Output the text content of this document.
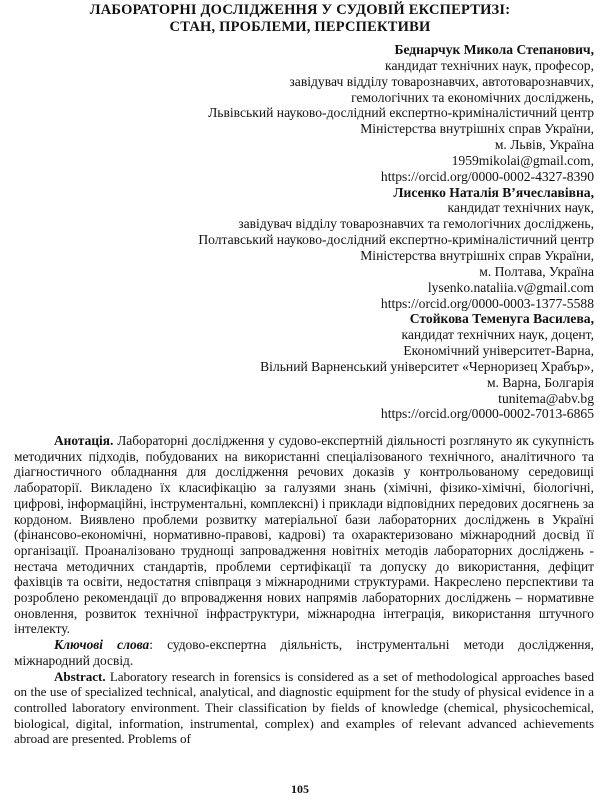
ЛАБОРАТОРНІ ДОСЛІДЖЕННЯ У СУДОВІЙ ЕКСПЕРТИЗІ:
СТАН, ПРОБЛЕМИ, ПЕРСПЕКТИВИ
Беднарчук Микола Степанович,
кандидат технічних наук, професор,
завідувач відділу товарознавчих, автотоварознавчих,
гемологічних та економічних досліджень,
Львівський науково-дослідний експертно-криміналістичний центр
Міністерства внутрішніх справ України,
м. Львів, Україна
1959mikolai@gmail.com,
https://orcid.org/0000-0002-4327-8390
Лисенко Наталія В’ячеславівна,
кандидат технічних наук,
завідувач відділу товарознавчих та гемологічних досліджень,
Полтавський науково-дослідний експертно-криміналістичний центр
Міністерства внутрішніх справ України,
м. Полтава, Україна
lysenko.nataliia.v@gmail.com
https://orcid.org/0000-0003-1377-5588
Стойкова Теменуга Василева,
кандидат технічних наук, доцент,
Економічний університет-Варна,
Вільний Варненський університет «Черноризец Храбър»,
м. Варна, Болгарія
tunitema@abv.bg
https://orcid.org/0000-0002-7013-6865

Анотація. Лабораторні дослідження у судово-експертній діяльності розглянуто як сукупність методичних підходів, побудованих на використанні спеціалізованого технічного, аналітичного та діагностичного обладнання для дослідження речових доказів у контрольованому середовищі лабораторії. Викладено їх класифікацію за галузями знань (хімічні, фізико-хімічні, біологічні, цифрові, інформаційні, інструментальні, комплексні) і приклади відповідних передових досягнень за кордоном. Виявлено проблеми розвитку матеріальної бази лабораторних досліджень в Україні (фінансово-економічні, нормативно-правові, кадрові) та охарактеризовано міжнародний досвід її організації. Проаналізовано труднощі запровадження новітніх методів лабораторних досліджень - нестача методичних стандартів, проблеми сертифікації та допуску до використання, дефіцит фахівців та освіти, недостатня співпраця з міжнародними структурами. Накреслено перспективи та розроблено рекомендації до впровадження нових напрямів лабораторних досліджень – нормативне оновлення, розвиток технічної інфраструктури, міжнародна інтеграція, використання штучного інтелекту.

Ключові слова: судово-експертна діяльність, інструментальні методи дослідження, міжнародний досвід.

Abstract. Laboratory research in forensics is considered as a set of methodological approaches based on the use of specialized technical, analytical, and diagnostic equipment for the study of physical evidence in a controlled laboratory environment. Their classification by fields of knowledge (chemical, physicochemical, biological, digital, information, instrumental, complex) and examples of relevant advanced achievements abroad are presented. Problems of

105
